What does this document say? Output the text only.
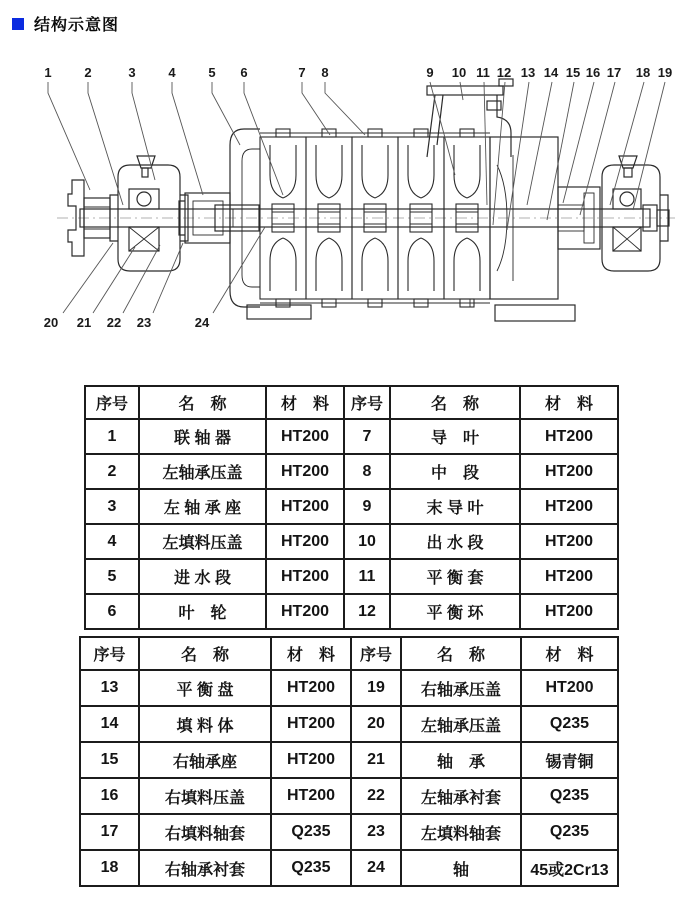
结构示意图
1	2	3	4	5 6	7 8	9 10 11 12 13 14 15 16 17 18 19
20 21 22 23	24
序号	名　称	材　料	序号	名　称	材　料
1	联 轴 器	HT200	7	导　叶	HT200
2	左轴承压盖	HT200	8	中　段	HT200
3	左 轴 承 座	HT200	9	末 导 叶	HT200
4	左填料压盖	HT200	10	出 水 段	HT200
5	进 水 段	HT200	11	平 衡 套	HT200
6	叶　轮	HT200	12	平 衡 环	HT200
序号	名　称	材　料	序号	名　称	材　料
13	平 衡 盘	HT200	19	右轴承压盖	HT200
14	填 料 体	HT200	20	左轴承压盖	Q235
15	右轴承座	HT200	21	轴　承	锡青铜
16	右填料压盖	HT200	22	左轴承衬套	Q235
17	右填料轴套	Q235	23	左填料轴套	Q235
18	右轴承衬套	Q235	24	轴	45或2Cr13
